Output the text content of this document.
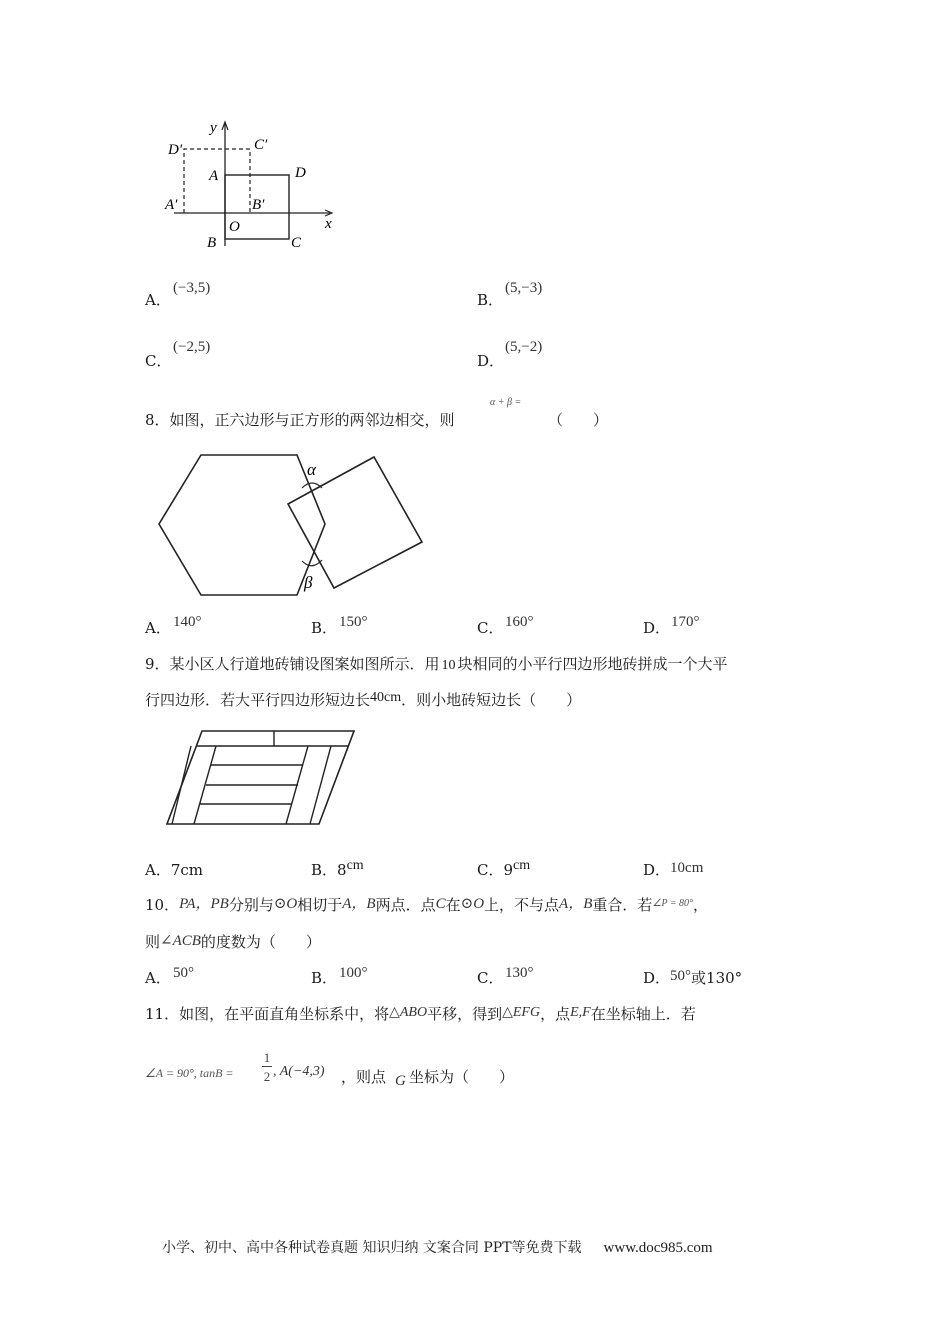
y
x
O
A
B	C
D
A′	B′
C′
D′
A．
(−3,5)
B．
(5,−3)
C．
(−2,5)
D．
(5,−2)
8．如图，正六边形与正方形的两邻边相交，则
α + β =
（　　）
α
β
A． 140°	B． 150°	C． 160°	D． 170°
9．某小区人行道地砖铺设图案如图所示．用 10 块相同的小平行四边形地砖拼成一个大平
行四边形．若大平行四边形短边长40cm．则小地砖短边长（　　）
A．7cm	B．8cm	C．9cm	D．10cm
10．PA，PB分别与⊙O相切于A，B两点．点C在⊙O上，不与点A，B重合．若$^{\angle P = 80^\circ}$，
则∠ACB的度数为（　　）
A． 50°	B． 100°	C． 130°	D．50°或130°
11．如图，在平面直角坐标系中，将△ABO平移，得到△EFG，点E,F在坐标轴上．若
∠A = 90°, tanB =
1
2 , A(−4,3) ，则点 G 坐标为（　　）
小学、初中、高中各种试卷真题 知识归纳 文案合同 PPT等免费下载 www.doc985.com
